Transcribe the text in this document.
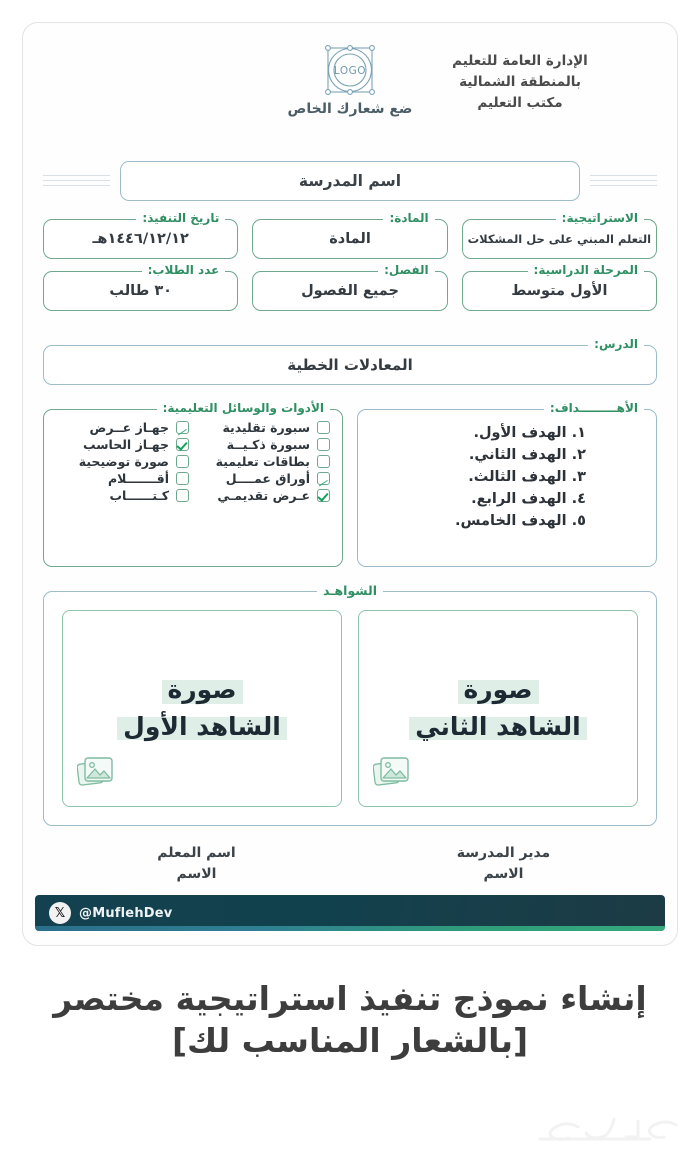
الإدارة العامة للتعليم
بالمنطقة الشمالية
مكتب التعليم
LOGO
ضع شعارك الخاص
اسم المدرسة
الاستراتيجية:
التعلم المبني على حل المشكلات
المادة:
المادة
تاريخ التنفيذ:
١٤٤٦/١٢/١٢هـ
المرحلة الدراسية:
الأول متوسط
الفصل:
جميع الفصول
عدد الطلاب:
٣٠ طالب
الدرس:
المعادلات الخطية
الأهـــــــــداف:
١. الهدف الأول.
٢. الهدف الثاني.
٣. الهدف الثالث.
٤. الهدف الرابع.
٥. الهدف الخامس.
الأدوات والوسائل التعليمية:
سبورة تقليدية
جهـاز عــرض
سبورة ذكـيــة
جهـاز الحاسب
بطاقات تعليمية
صورة توضيحية
أوراق عمــــل
أقـــــــلام
عـرض تقديمـي
كـتــــــاب
الشواهـد
صورة
الشاهد الثاني
صورة
الشاهد الأول
مدير المدرسة
الاسم
اسم المعلم
الاسم
𝕏	@MuflehDev
إنشاء نموذج تنفيذ استراتيجية مختصر [بالشعار المناسب لك]
